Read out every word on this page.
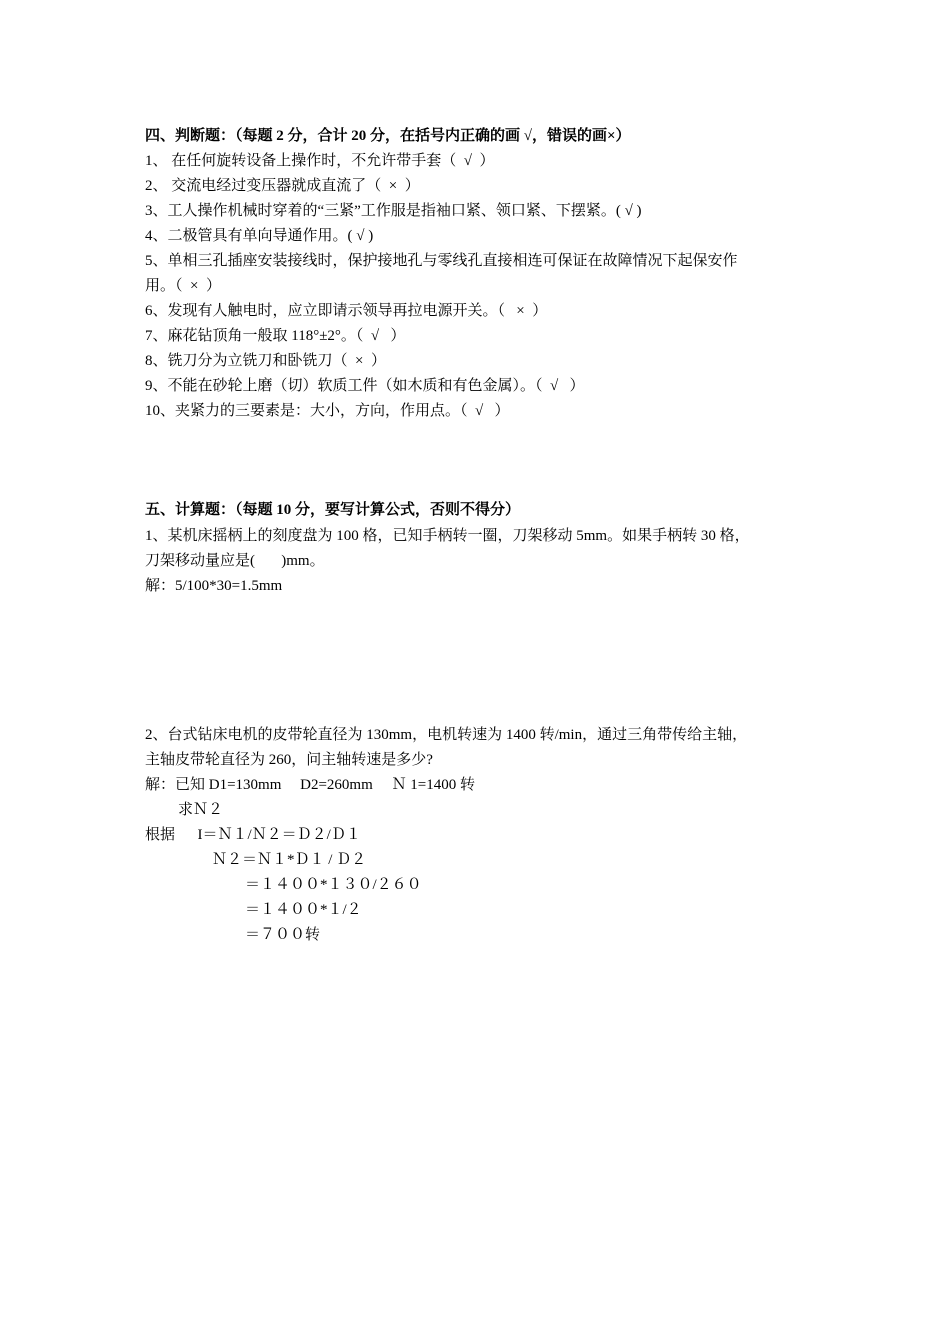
四、判断题：（每题 2 分，合计 20 分，在括号内正确的画 √，错误的画×）
1、 在任何旋转设备上操作时，不允许带手套（  √  ）
2、 交流电经过变压器就成直流了（  ×  ）
3、工人操作机械时穿着的“三紧”工作服是指袖口紧、领口紧、下摆紧。( √ )
4、二极管具有单向导通作用。( √ )
5、单相三孔插座安装接线时，保护接地孔与零线孔直接相连可保证在故障情况下起保安作
用。（  ×  ）
6、发现有人触电时，应立即请示领导再拉电源开关。（   ×  ）
7、麻花钻顶角一般取 118°±2°。（  √   ）
8、铣刀分为立铣刀和卧铣刀（  ×  ）
9、不能在砂轮上磨（切）软质工件（如木质和有色金属）。（  √   ）
10、夹紧力的三要素是：大小，方向，作用点。（  √   ）
五、计算题：（每题 10 分，要写计算公式，否则不得分）
1、某机床摇柄上的刻度盘为 100 格，已知手柄转一圈，刀架移动 5mm。如果手柄转 30 格，
刀架移动量应是(       )mm。
解：5/100*30=1.5mm
2、台式钻床电机的皮带轮直径为 130mm，电机转速为 1400 转/min，通过三角带传给主轴，
主轴皮带轮直径为 260，问主轴转速是多少?
解：已知 D1=130mm     D2=260mm     Ｎ 1=1400 转
求Ｎ２
根据      I＝Ｎ１/Ｎ２＝Ｄ２/Ｄ１
Ｎ２＝Ｎ１*Ｄ１ / Ｄ２
＝１４００*１３０/２６０
＝１４００*１/２
＝７００转
